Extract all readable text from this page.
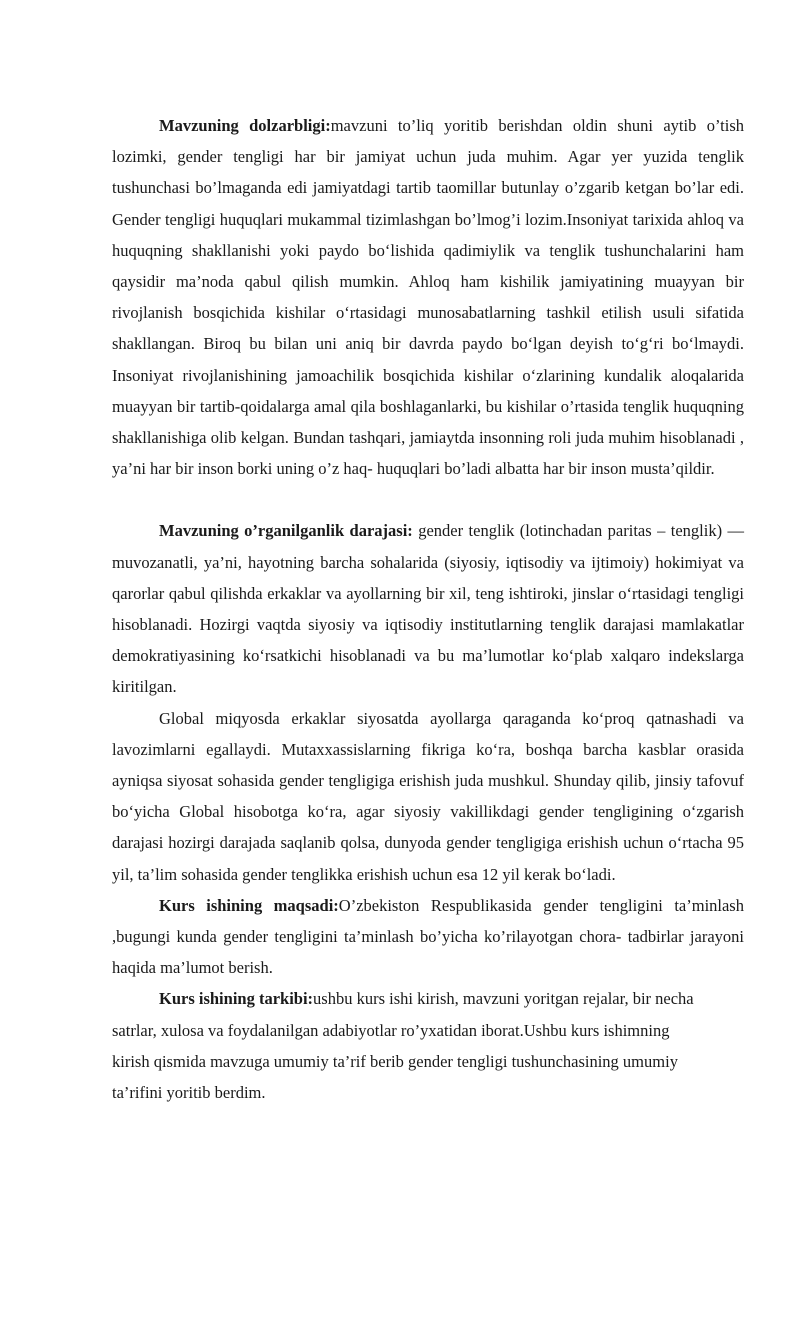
Mavzuning dolzarbligi:mavzuni to’liq yoritib berishdan oldin shuni aytib o’tish lozimki, gender tengligi har bir jamiyat uchun juda muhim. Agar yer yuzida tenglik tushunchasi bo’lmaganda edi jamiyatdagi tartib taomillar butunlay o’zgarib ketgan bo’lar edi. Gender tengligi huquqlari mukammal tizimlashgan bo’lmog’i lozim.Insoniyat tarixida ahloq va huquqning shakllanishi yoki paydo bo‘lishida qadimiylik va tenglik tushunchalarini ham qaysidir ma’noda qabul qilish mumkin. Ahloq ham kishilik jamiyatining muayyan bir rivojlanish bosqichida kishilar o‘rtasidagi munosabatlarning tashkil etilish usuli sifatida shakllangan. Biroq bu bilan uni aniq bir davrda paydo bo‘lgan deyish to‘g‘ri bo‘lmaydi. Insoniyat rivojlanishining jamoachilik bosqichida kishilar o‘zlarining kundalik aloqalarida muayyan bir tartib-qoidalarga amal qila boshlaganlarki, bu kishilar o’rtasida tenglik huquqning shakllanishiga olib kelgan. Bundan tashqari, jamiaytda insonning roli juda muhim hisoblanadi , ya’ni har bir inson borki uning o’z haq- huquqlari bo’ladi albatta har bir inson musta’qildir.

Mavzuning o’rganilganlik darajasi: gender tenglik (lotinchadan paritas – tenglik) — muvozanatli, ya’ni, hayotning barcha sohalarida (siyosiy, iqtisodiy va ijtimoiy) hokimiyat va qarorlar qabul qilishda erkaklar va ayollarning bir xil, teng ishtiroki, jinslar o‘rtasidagi tengligi hisoblanadi. Hozirgi vaqtda siyosiy va iqtisodiy institutlarning tenglik darajasi mamlakatlar demokratiyasining ko‘rsatkichi hisoblanadi va bu ma’lumotlar ko‘plab xalqaro indekslarga kiritilgan.

Global miqyosda erkaklar siyosatda ayollarga qaraganda ko‘proq qatnashadi va lavozimlarni egallaydi. Mutaxxassislarning fikriga ko‘ra, boshqa barcha kasblar orasida ayniqsa siyosat sohasida gender tengligiga erishish juda mushkul. Shunday qilib, jinsiy tafovuf bo‘yicha Global hisobotga ko‘ra, agar siyosiy vakillikdagi gender tengligining o‘zgarish darajasi hozirgi darajada saqlanib qolsa, dunyoda gender tengligiga erishish uchun o‘rtacha 95 yil, ta’lim sohasida gender tenglikka erishish uchun esa 12 yil kerak bo‘ladi.

Kurs ishining maqsadi:O’zbekiston Respublikasida gender tengligini ta’minlash ,bugungi kunda gender tengligini ta’minlash bo’yicha ko’rilayotgan chora- tadbirlar jarayoni haqida ma’lumot berish.

Kurs ishining tarkibi:ushbu kurs ishi kirish, mavzuni yoritgan rejalar, bir necha satrlar, xulosa va foydalanilgan adabiyotlar ro’yxatidan iborat.Ushbu kurs ishimning kirish qismida mavzuga umumiy ta’rif berib gender tengligi tushunchasining umumiy ta’rifini yoritib berdim.
